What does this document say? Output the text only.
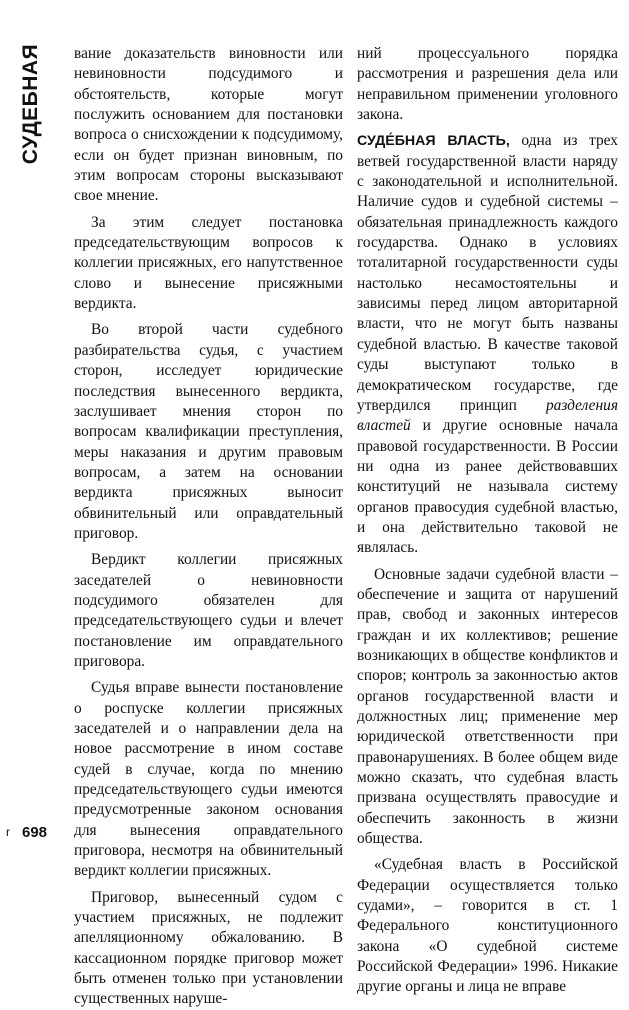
СУДЕБНАЯ вание доказательств виновности или невиновности подсудимого и обстоятельств, которые могут послужить основанием для постановки вопроса о снисхождении к подсудимому, если он будет признан виновным, по этим вопросам стороны высказывают свое мнение.

За этим следует постановка председательствующим вопросов к коллегии присяжных, его напутственное слово и вынесение присяжными вердикта.

Во второй части судебного разбирательства судья, с участием сторон, исследует юридические последствия вынесенного вердикта, заслушивает мнения сторон по вопросам квалификации преступления, меры наказания и другим правовым вопросам, а затем на основании вердикта присяжных выносит обвинительный или оправдательный приговор.

Вердикт коллегии присяжных заседателей о невиновности подсудимого обязателен для председательствующего судьи и влечет постановление им оправдательного приговора.

Судья вправе вынести постановление о роспуске коллегии присяжных заседателей и о направлении дела на новое рассмотрение в ином составе судей в случае, когда по мнению председательствующего судьи имеются предусмотренные законом основания для вынесения оправдательного приговора, несмотря на обвинительный вердикт коллегии присяжных.

Приговор, вынесенный судом с участием присяжных, не подлежит апелляционному обжалованию. В кассационном порядке приговор может быть отменен только при установлении существенных наруше-

ний процессуального порядка рассмотрения и разрешения дела или неправильном применении уголовного закона.

СУДЕ́БНАЯ ВЛАСТЬ, одна из трех ветвей государственной власти наряду с законодательной и исполнительной. Наличие судов и судебной системы – обязательная принадлежность каждого государства. Однако в условиях тоталитарной государственности суды настолько несамостоятельны и зависимы перед лицом авторитарной власти, что не могут быть названы судебной властью. В качестве таковой суды выступают только в демократическом государстве, где утвердился принцип разделения властей и другие основные начала правовой государственности. В России ни одна из ранее действовавших конституций не называла систему органов правосудия судебной властью, и она действительно таковой не являлась.

Основные задачи судебной власти – обеспечение и защита от нарушений прав, свобод и законных интересов граждан и их коллективов; решение возникающих в обществе конфликтов и споров; контроль за законностью актов органов государственной власти и должностных лиц; применение мер юридической ответственности при правонарушениях. В более общем виде можно сказать, что судебная власть призвана осуществлять правосудие и обеспечить законность в жизни общества.

«Судебная власть в Российской Федерации осуществляется только судами», – говорится в ст. 1 Федерального конституционного закона «О судебной системе Российской Федерации» 1996. Никакие другие органы и лица не вправе

r 698
